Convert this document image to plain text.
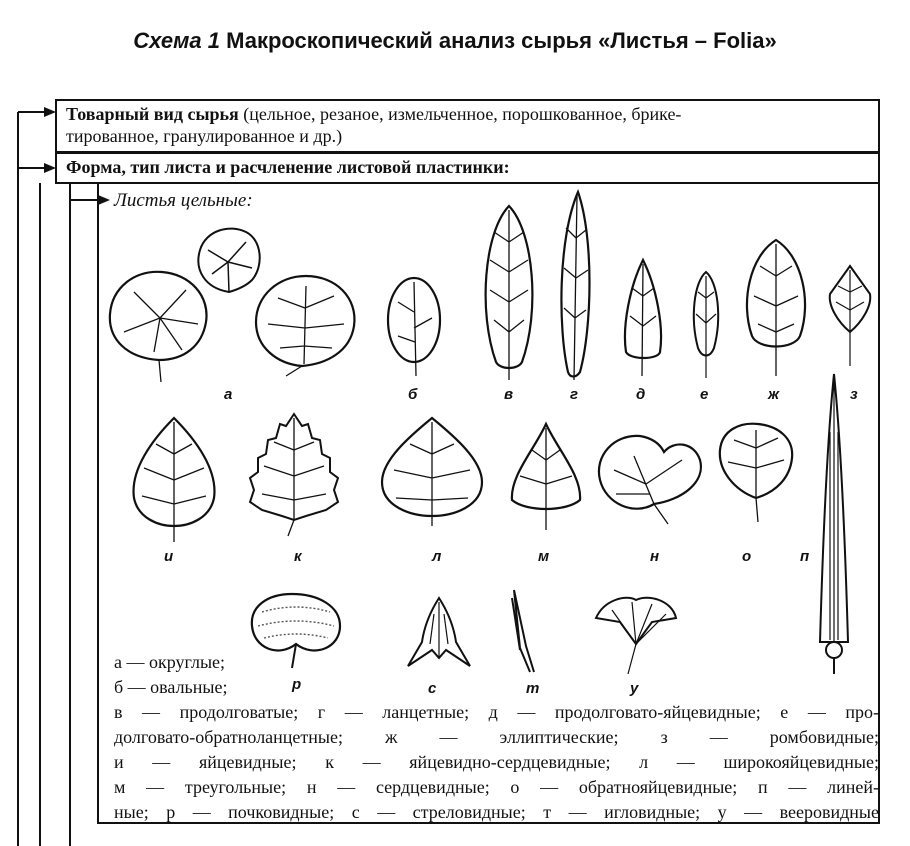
Схема 1 Макроскопический анализ сырья «Листья – Folia»
Товарный вид сырья (цельное, резаное, измельченное, порошкованное, брике-
тированное, гранулированное и др.)
Форма, тип листа и расчленение листовой пластинки:
Листья цельные:
а	б	в	г	д	е	ж	з
и	к	л	м	н	о	п
р	с	т	у
а — округлые;
б — овальные;
в — продолговатые; г — ланцетные; д — продолговато-яйцевидные; е — про-
долговато-обратноланцетные; ж — эллиптические; з — ромбовидные;
и — яйцевидные; к — яйцевидно-сердцевидные; л — широкояйцевидные;
м — треугольные; н — сердцевидные; о — обратнояйцевидные; п — линей-
ные; р — почковидные; с — стреловидные; т — игловидные; у — вееровидные
